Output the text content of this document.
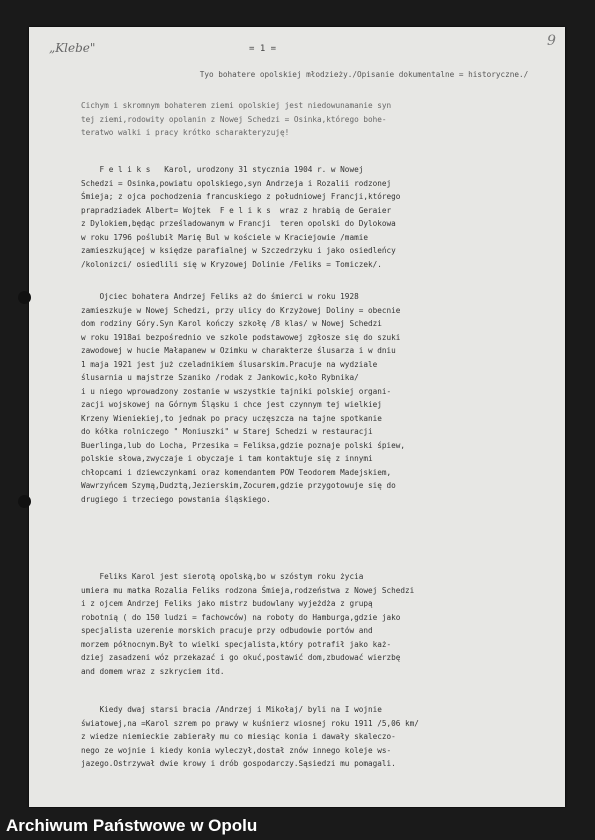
„Klebe"	= 1 =	9
Tyo bohatere opolskiej młodzieży./Opisanie dokumentalne = historyczne./
Cichym i skromnym bohaterem ziemi opolskiej jest niedowunamanie syn
tej ziemi,rodowity opolanin z Nowej Schedzi = Osinka,którego bohe-
teratwo walki i pracy krótko scharakteryzuję!
F e l i k s   Karol, urodzony 31 stycznia 1904 r. w Nowej
Schedzi = Osinka,powiatu opolskiego,syn Andrzeja i Rozalii rodzonej
Śmieja; z ojca pochodzenia francuskiego z południowej Francji,którego
prapradziadek Albert= Wojtek  F e l i k s  wraz z hrabią de Geraier
z Dylokiem,będąc prześladowanym w Francji  teren opolski do Dylokowa
w roku 1796 poślubił Marię Bul w kościele w Kraciejowie /mamie
zamieszkującej w księdze parafialnej w Szczedrzyku i jako osiedleńcy
/kolonizci/ osiedlili się w Kryzowej Dolinie /Feliks = Tomiczek/.
Ojciec bohatera Andrzej Feliks aż do śmierci w roku 1928
zamieszkuje w Nowej Schedzi, przy ulicy do Krzyżowej Doliny = obecnie
dom rodziny Góry.Syn Karol kończy szkołę /8 klas/ w Nowej Schedzi
w roku 1918ai bezpośrednio ve szkole podstawowej zgłosze się do szuki
zawodowej w hucie Małapanew w Ozimku w charakterze ślusarza i w dniu
1 maja 1921 jest już czeladnikiem ślusarskim.Pracuje na wydziale
ślusarnia u majstrze Szaniko /rodak z Jankowic,koło Rybnika/
i u niego wprowadzony zostanie w wszystkie tajniki polskiej organi-
zacji wojskowej na Górnym Śląsku i chce jest czynnym tej wielkiej
Krzeny Wieniekiej,to jednak po pracy uczęszcza na tajne spotkanie
do kółka rolniczego " Moniuszki" w Starej Schedzi w restauracji
Buerlinga,lub do Locha, Przesika = Feliksa,gdzie poznaje polski śpiew,
polskie słowa,zwyczaje i obyczaje i tam kontaktuje się z innymi
chłopcami i dziewczynkami oraz komendantem POW Teodorem Madejskiem,
Wawrzyńcem Szymą,Dudztą,Jezierskim,Zocurem,gdzie przygotowuje się do
drugiego i trzeciego powstania śląskiego.
Feliks Karol jest sierotą opolską,bo w szóstym roku życia
umiera mu matka Rozalia Feliks rodzona Śmieja,rodzeństwa z Nowej Schedzi
i z ojcem Andrzej Feliks jako mistrz budowlany wyjeżdża z grupą
robotnią ( do 150 ludzi = fachowców) na roboty do Hamburga,gdzie jako
specjalista uzerenie morskich pracuje przy odbudowie portów and
morzem północnym.Był to wielki specjalista,który potrafił jako każ-
dziej zasadzeni wóz przekazać i go okuć,postawić dom,zbudować wierzbę
and domem wraz z szkryciem itd.
Kiedy dwaj starsi bracia /Andrzej i Mikołaj/ byli na I wojnie
światowej,na =Karol szrem po prawy w kuśnierz wiosnej roku 1911 /5,06 km/
z wiedze niemieckie zabierały mu co miesiąc konia i dawały skaleczo-
nego ze wojnie i kiedy konia wyleczył,dostał znów innego koleje ws-
jazego.Ostrzywał dwie krowy i drób gospodarczy.Sąsiedzi mu pomagali.
Archiwum Państwowe w Opolu
